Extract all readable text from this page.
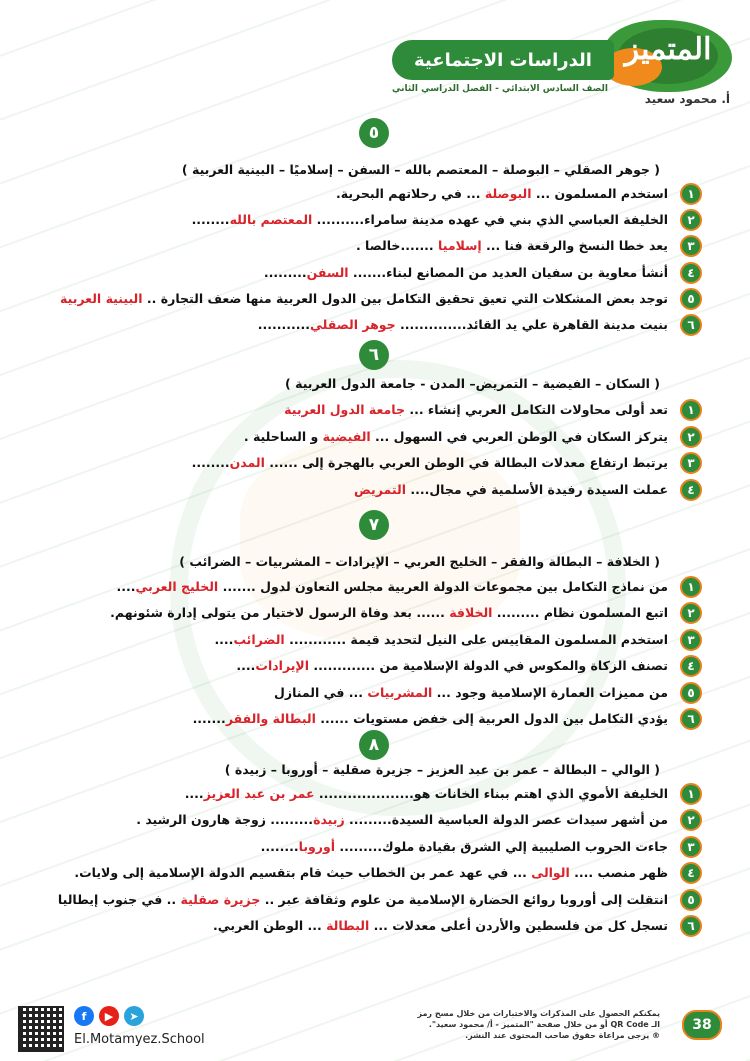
المتميز
الدراسات الاجتماعية
الصف السادس الابتدائي - الفصل الدراسي الثاني
أ. محمود سعيد
٥
( جوهر الصقلي – البوصلة – المعتصم بالله – السفن – إسلاميًا – البينية العربية )
١
استخدم المسلمون ... البوصلة ... في رحلاتهم البحرية.
٢
الخليفة العباسي الذي بني في عهده مدينة سامراء.......... المعتصم بالله........
٣
يعد خطا النسخ والرقعة فنا ... إسلاميا .......خالصا .
٤
أنشأ معاوية بن سفيان العديد من المصانع لبناء....... السفن.........
٥
توجد بعض المشكلات التي تعيق تحقيق التكامل بين الدول العربية منها ضعف التجارة .. البينية العربية
٦
بنيت مدينة القاهرة علي يد القائد.............. جوهر الصقلي...........
٦
( السكان – الفيضية – التمريض– المدن - جامعة الدول العربية )
١
تعد أولى محاولات التكامل العربي إنشاء ... جامعة الدول العربية
٢
يتركز السكان في الوطن العربي في السهول ... الفيضية و الساحلية .
٣
يرتبط ارتفاع معدلات البطالة في الوطن العربي بالهجرة إلى ...... المدن........
٤
عملت السيدة رفيدة الأسلمية في مجال.... التمريض
٧
( الخلافة – البطالة والفقر – الخليج العربي – الإيرادات – المشربيات – الضرائب )
١
من نماذج التكامل بين مجموعات الدولة العربية مجلس التعاون لدول ....... الخليج العربي....
٢
اتبع المسلمون نظام ......... الخلافة ...... بعد وفاة الرسول لاختيار من يتولى إدارة شئونهم.
٣
استخدم المسلمون المقاييس على النيل لتحديد قيمة ............ الضرائب....
٤
تصنف الزكاة والمكوس في الدولة الإسلامية من ............. الإيرادات....
٥
من مميزات العمارة الإسلامية وجود ... المشربيات ... في المنازل
٦
يؤدي التكامل بين الدول العربية إلى خفض مستويات ...... البطالة والفقر.......
٨
( الوالي – البطالة – عمر بن عبد العزيز – جزيرة صقلية – أوروبا – زبيدة )
١
الخليفة الأموي الذي اهتم ببناء الخانات هو.................... عمر بن عبد العزيز....
٢
من أشهر سيدات عصر الدولة العباسية السيدة......... زبيدة......... زوجة هارون الرشيد .
٣
جاءت الحروب الصليبية إلي الشرق بقيادة ملوك......... أوروبا........
٤
ظهر منصب .... الوالى ... في عهد عمر بن الخطاب حيث قام بتقسيم الدولة الإسلامية إلى ولايات.
٥
انتقلت إلى أوروبا روائع الحضارة الإسلامية من علوم وثقافة عبر .. جزيرة صقلية .. في جنوب إيطاليا
٦
تسجل كل من فلسطين والأردن أعلى معدلات ... البطالة ... الوطن العربي.
f	▶	➤
El.Motamyez.School
يمكنكم الحصول على المذكرات والاختبارات من خلال مسح رمز
الـ QR Code أو من خلال صفحة "المتميز - أ/ محمود سعيد".
® يرجى مراعاة حقوق صاحب المحتوى عند النشر.
38
